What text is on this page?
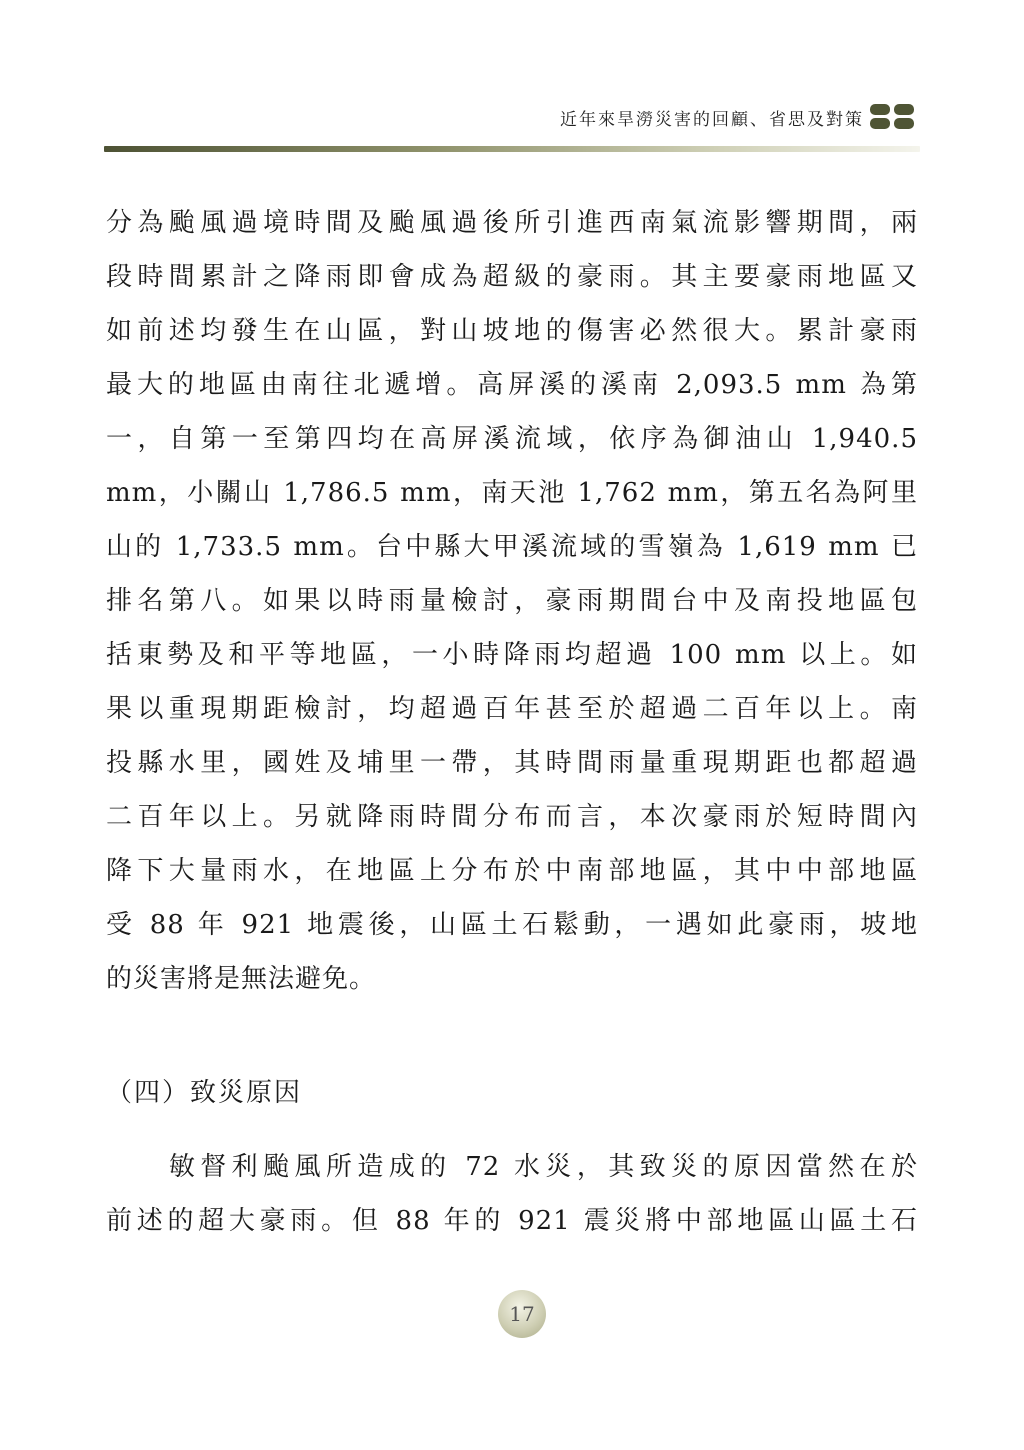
近年來旱澇災害的回顧、省思及對策
分為颱風過境時間及颱風過後所引進西南氣流影響期間，兩
段時間累計之降雨即會成為超級的豪雨。其主要豪雨地區又
如前述均發生在山區，對山坡地的傷害必然很大。累計豪雨
最大的地區由南往北遞增。高屏溪的溪南 2,093.5 mm 為第
一，自第一至第四均在高屏溪流域，依序為御油山 1,940.5
mm，小關山 1,786.5 mm，南天池 1,762 mm，第五名為阿里
山的 1,733.5 mm。台中縣大甲溪流域的雪嶺為 1,619 mm 已
排名第八。如果以時雨量檢討，豪雨期間台中及南投地區包
括東勢及和平等地區，一小時降雨均超過 100 mm 以上。如
果以重現期距檢討，均超過百年甚至於超過二百年以上。南
投縣水里，國姓及埔里一帶，其時間雨量重現期距也都超過
二百年以上。另就降雨時間分布而言，本次豪雨於短時間內
降下大量雨水，在地區上分布於中南部地區，其中中部地區
受 88 年 921 地震後，山區土石鬆動，一遇如此豪雨，坡地
的災害將是無法避免。
（四）致災原因
　　敏督利颱風所造成的 72 水災，其致災的原因當然在於
前述的超大豪雨。但 88 年的 921 震災將中部地區山區土石
17
